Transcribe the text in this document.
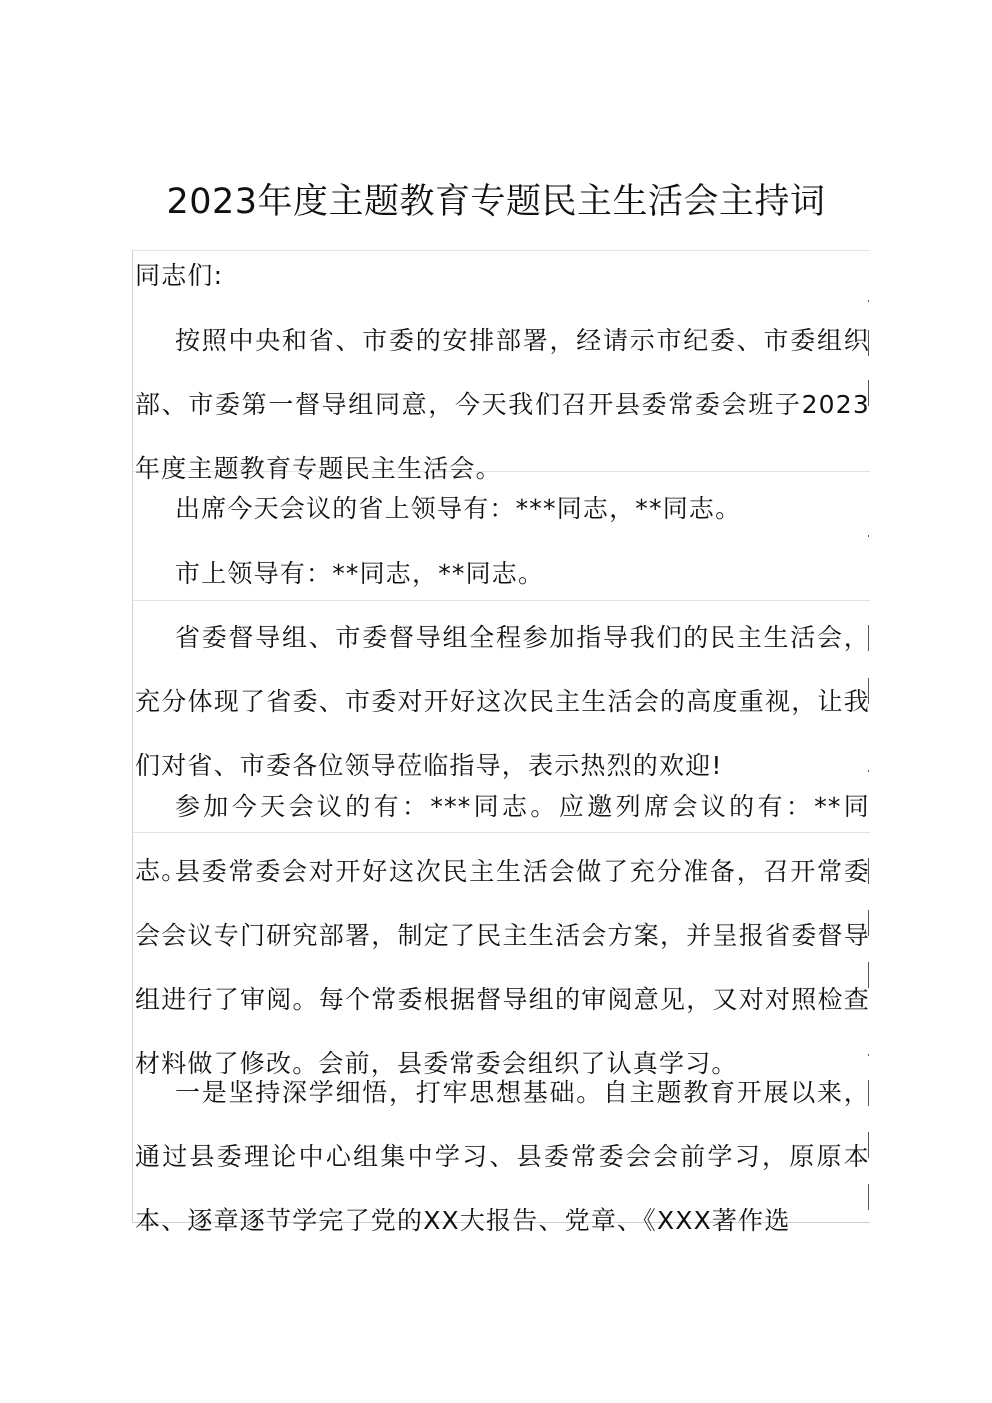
2023年度主题教育专题民主生活会主持词

同志们:

按照中央和省、市委的安排部署，经请示市纪委、市委组织部、市委第一督导组同意，今天我们召开县委常委会班子2023年度主题教育专题民主生活会。

出席今天会议的省上领导有：***同志，**同志。

市上领导有：**同志，**同志。

省委督导组、市委督导组全程参加指导我们的民主生活会，充分体现了省委、市委对开好这次民主生活会的高度重视，让我们对省、市委各位领导莅临指导，表示热烈的欢迎!

参加今天会议的有：***同志。应邀列席会议的有：**同志。

县委常委会对开好这次民主生活会做了充分准备，召开常委会会议专门研究部署，制定了民主生活会方案，并呈报省委督导组进行了审阅。每个常委根据督导组的审阅意见，又对对照检查材料做了修改。会前，县委常委会组织了认真学习。

一是坚持深学细悟，打牢思想基础。自主题教育开展以来，通过县委理论中心组集中学习、县委常委会会前学习，原原本本、逐章逐节学完了党的XX大报告、党章、《XXX著作选
